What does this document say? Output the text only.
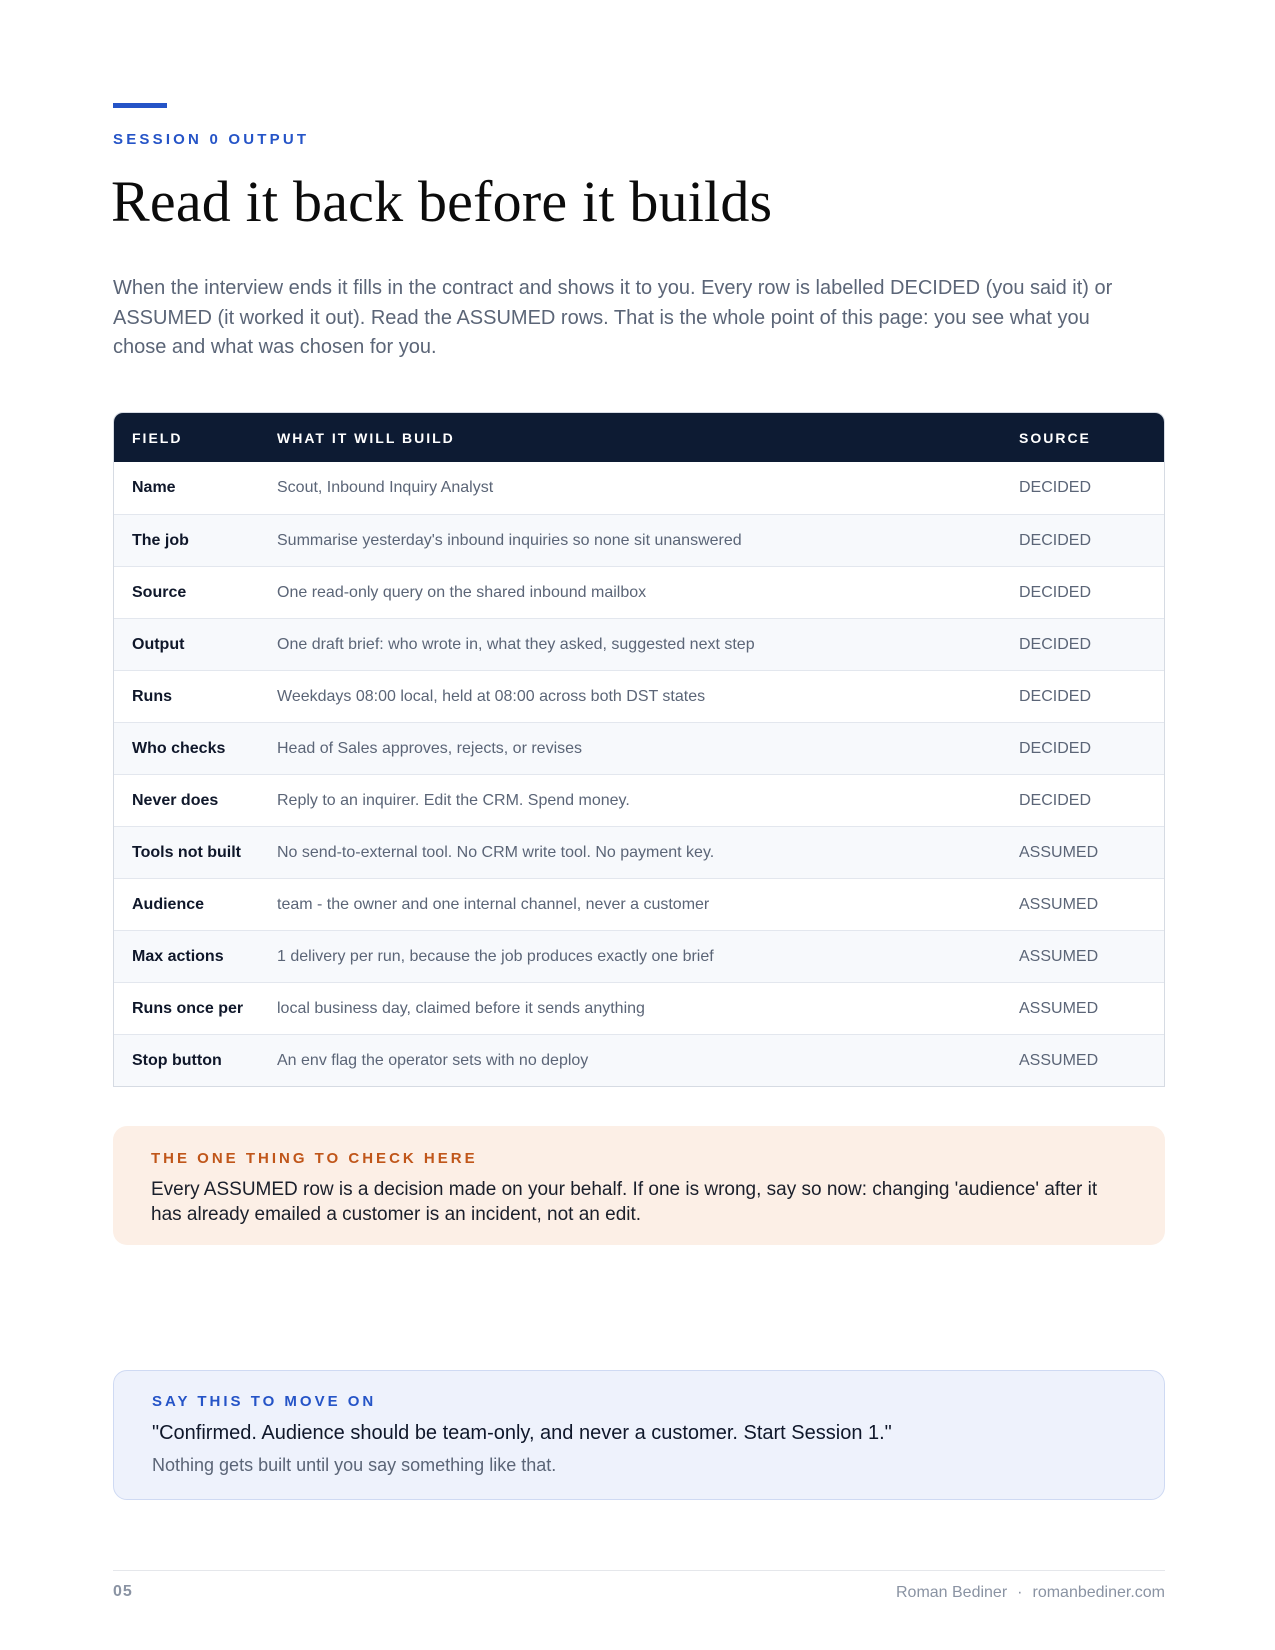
SESSION 0 OUTPUT
Read it back before it builds

When the interview ends it fills in the contract and shows it to you. Every row is labelled DECIDED (you said it) or ASSUMED (it worked it out). Read the ASSUMED rows. That is the whole point of this page: you see what you chose and what was chosen for you.

FIELD	WHAT IT WILL BUILD	SOURCE
Name	Scout, Inbound Inquiry Analyst	DECIDED
The job	Summarise yesterday's inbound inquiries so none sit unanswered	DECIDED
Source	One read-only query on the shared inbound mailbox	DECIDED
Output	One draft brief: who wrote in, what they asked, suggested next step	DECIDED
Runs	Weekdays 08:00 local, held at 08:00 across both DST states	DECIDED
Who checks	Head of Sales approves, rejects, or revises	DECIDED
Never does	Reply to an inquirer. Edit the CRM. Spend money.	DECIDED
Tools not built	No send-to-external tool. No CRM write tool. No payment key.	ASSUMED
Audience	team - the owner and one internal channel, never a customer	ASSUMED
Max actions	1 delivery per run, because the job produces exactly one brief	ASSUMED
Runs once per	local business day, claimed before it sends anything	ASSUMED
Stop button	An env flag the operator sets with no deploy	ASSUMED
THE ONE THING TO CHECK HERE
Every ASSUMED row is a decision made on your behalf. If one is wrong, say so now: changing 'audience' after it has already emailed a customer is an incident, not an edit.
SAY THIS TO MOVE ON
"Confirmed. Audience should be team-only, and never a customer. Start Session 1."
Nothing gets built until you say something like that.
05	Roman Bediner · romanbediner.com
